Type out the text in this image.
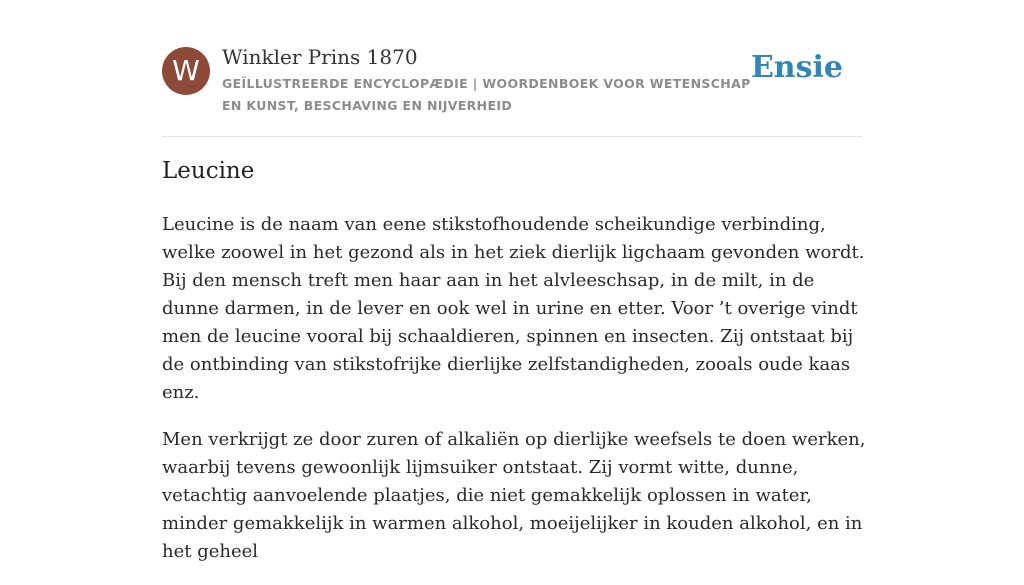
W	Winkler Prins 1870
GEÏLLUSTREERDE ENCYCLOPÆDIE | WOORDENBOEK VOOR WETENSCHAP EN KUNST, BESCHAVING EN NIJVERHEID
Ensie
Leucine

Leucine is de naam van eene stikstofhoudende scheikundige verbinding, welke zoowel in het gezond als in het ziek dierlijk ligchaam gevonden wordt. Bij den mensch treft men haar aan in het alvleeschsap, in de milt, in de dunne darmen, in de lever en ook wel in urine en etter. Voor ’t overige vindt men de leucine vooral bij schaaldieren, spinnen en insecten. Zij ontstaat bij de ontbinding van stikstofrijke dierlijke zelfstandigheden, zooals oude kaas enz.

Men verkrijgt ze door zuren of alkaliën op dierlijke weefsels te doen werken, waarbij tevens gewoonlijk lijmsuiker ontstaat. Zij vormt witte, dunne, vetachtig aanvoelende plaatjes, die niet gemakkelijk oplossen in water, minder gemakkelijk in warmen alkohol, moeijelijker in kouden alkohol, en in het geheel
